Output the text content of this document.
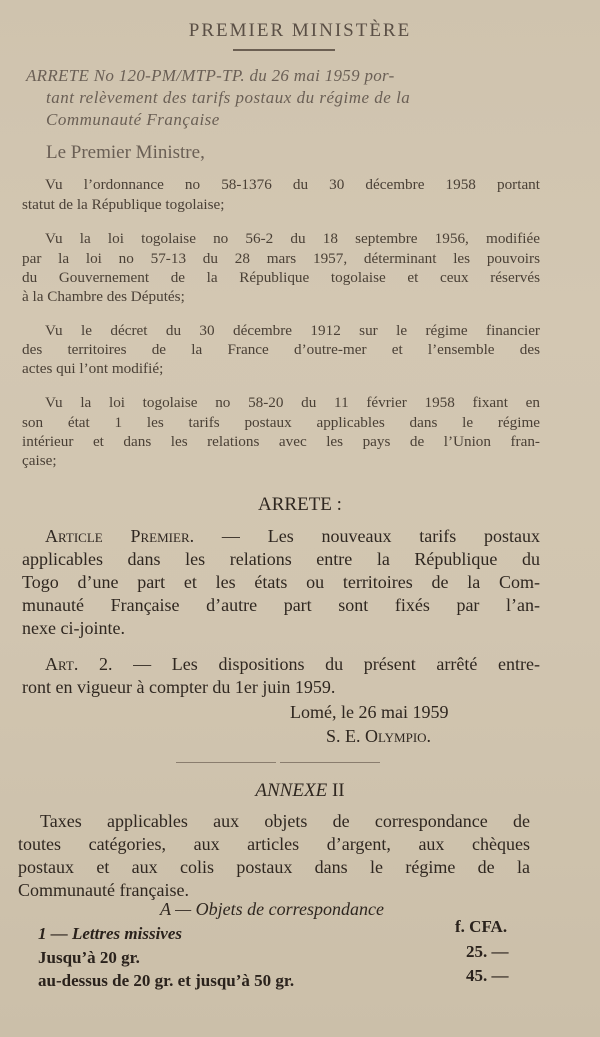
PREMIER MINISTÈRE
ARRETE No 120-PM/MTP-TP. du 26 mai 1959 por-
tant relèvement des tarifs postaux du régime de la
Communauté Française
Le Premier Ministre,
Vu l’ordonnance no 58-1376 du 30 décembre 1958 portant
statut de la République togolaise;
Vu la loi togolaise no 56-2 du 18 septembre 1956, modifiée
par la loi no 57-13 du 28 mars 1957, déterminant les pouvoirs
du Gouvernement de la République togolaise et ceux réservés
à la Chambre des Députés;
Vu le décret du 30 décembre 1912 sur le régime financier
des territoires de la France d’outre-mer et l’ensemble des
actes qui l’ont modifié;
Vu la loi togolaise no 58-20 du 11 février 1958 fixant en
son état 1 les tarifs postaux applicables dans le régime
intérieur et dans les relations avec les pays de l’Union fran-
çaise;
ARRETE :
Article Premier. — Les nouveaux tarifs postaux
applicables dans les relations entre la République du
Togo d’une part et les états ou territoires de la Com-
munauté Française d’autre part sont fixés par l’an-
nexe ci-jointe.
Art. 2. — Les dispositions du présent arrêté entre-
ront en vigueur à compter du 1er juin 1959.
Lomé, le 26 mai 1959
S. E. Olympio.
ANNEXE II
Taxes applicables aux objets de correspondance de
toutes catégories, aux articles d’argent, aux chèques
postaux et aux colis postaux dans le régime de la
Communauté française.
A — Objets de correspondance
1 — Lettres missives	f. CFA.
Jusqu’à 20 gr.	25. —
au-dessus de 20 gr. et jusqu’à 50 gr.	45. —
